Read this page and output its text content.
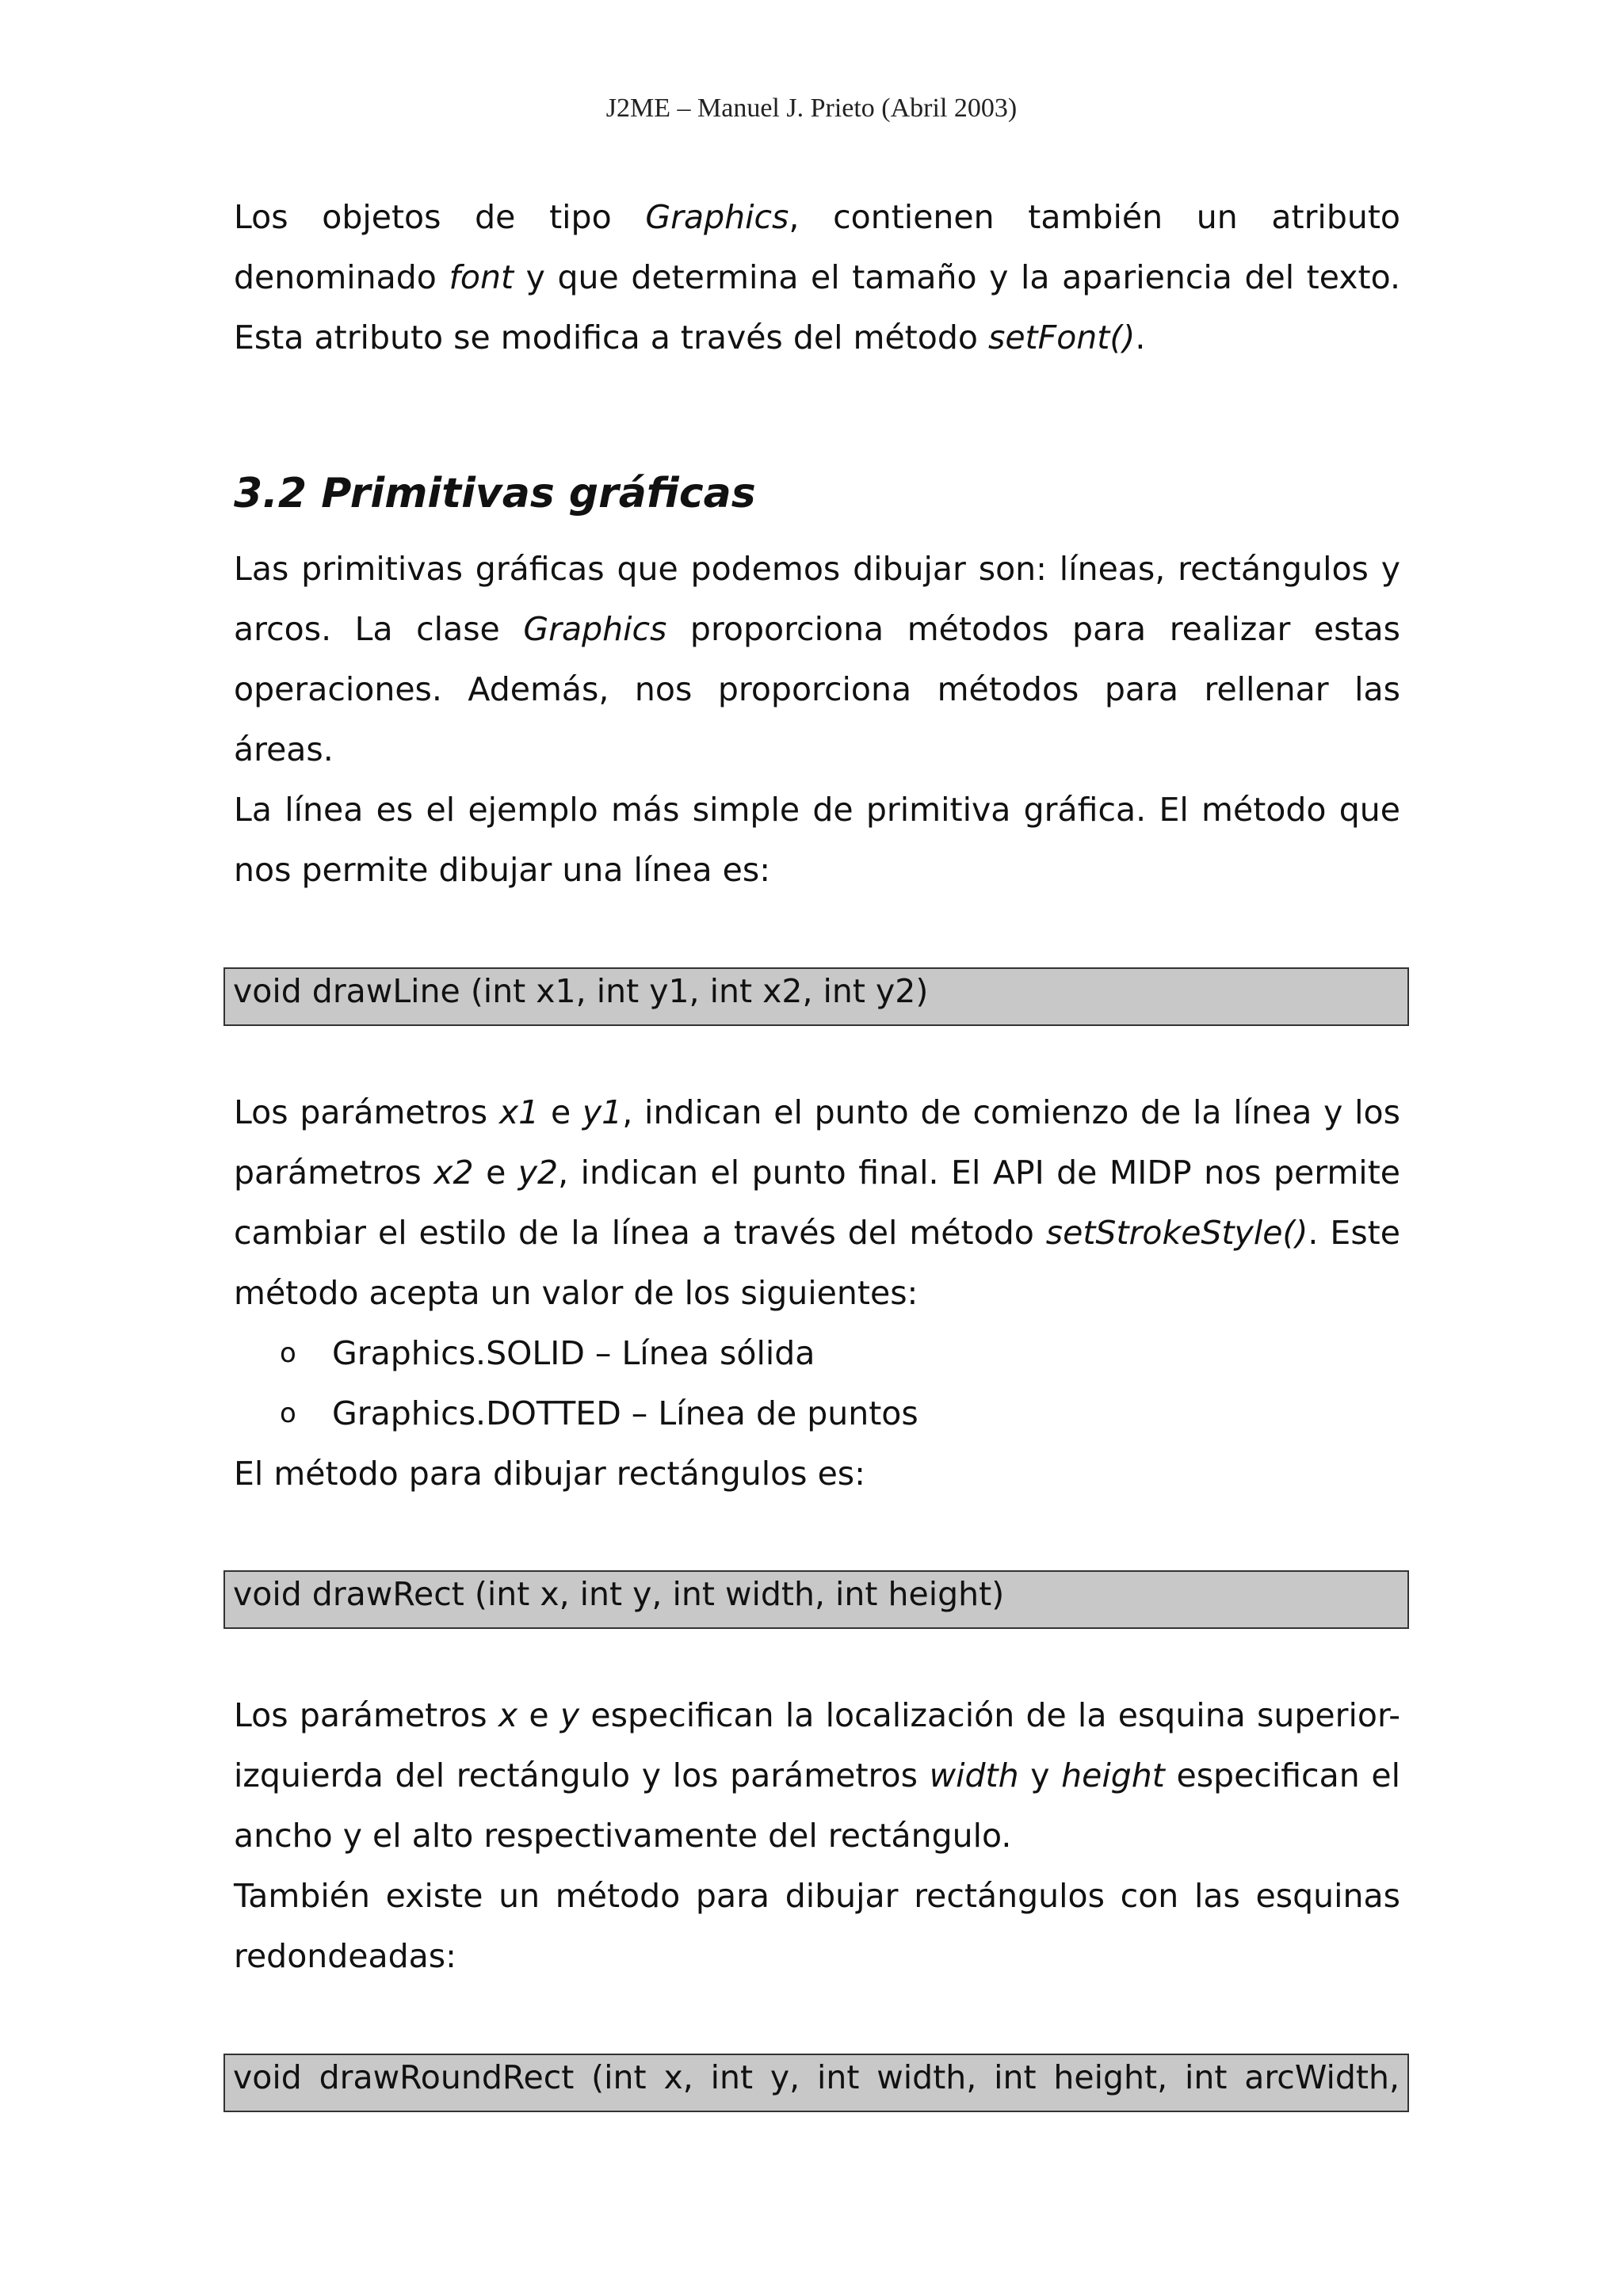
J2ME – Manuel J. Prieto (Abril 2003)

Los objetos de tipo Graphics, contienen también un atributo denominado font y que determina el tamaño y la apariencia del texto. Esta atributo se modifica a través del método setFont().

3.2 Primitivas gráficas

Las primitivas gráficas que podemos dibujar son: líneas, rectángulos y arcos. La clase Graphics proporciona métodos para realizar estas operaciones. Además, nos proporciona métodos para rellenar las áreas.

La línea es el ejemplo más simple de primitiva gráfica. El método que nos permite dibujar una línea es:

void drawLine (int x1, int y1, int x2, int y2)

Los parámetros x1 e y1, indican el punto de comienzo de la línea y los parámetros x2 e y2, indican el punto final. El API de MIDP nos permite cambiar el estilo de la línea a través del método setStrokeStyle(). Este método acepta un valor de los siguientes:

o Graphics.SOLID – Línea sólida
o Graphics.DOTTED – Línea de puntos

El método para dibujar rectángulos es:

void drawRect (int x, int y, int width, int height)

Los parámetros x e y especifican la localización de la esquina superior-izquierda del rectángulo y los parámetros width y height especifican el ancho y el alto respectivamente del rectángulo.

También existe un método para dibujar rectángulos con las esquinas redondeadas:

void drawRoundRect (int x, int y, int width, int height, int arcWidth,
